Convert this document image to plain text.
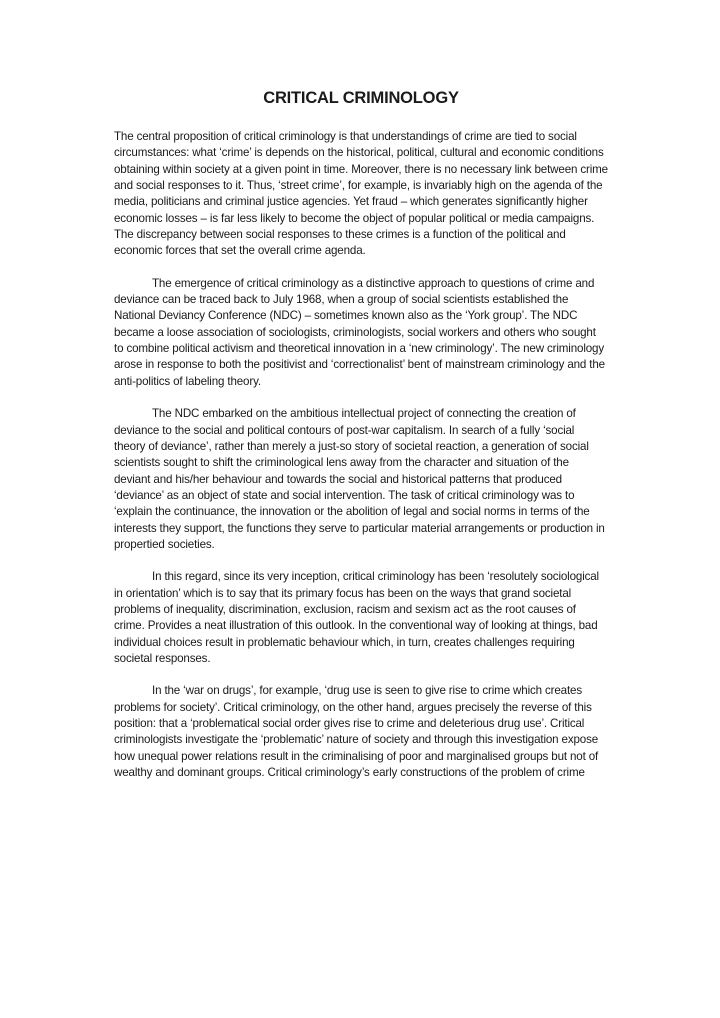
CRITICAL CRIMINOLOGY

The central proposition of critical criminology is that understandings of crime are tied to social circumstances: what ‘crime’ is depends on the historical, political, cultural and economic conditions obtaining within society at a given point in time. Moreover, there is no necessary link between crime and social responses to it. Thus, ‘street crime’, for example, is invariably high on the agenda of the media, politicians and criminal justice agencies. Yet fraud – which generates significantly higher economic losses – is far less likely to become the object of popular political or media campaigns. The discrepancy between social responses to these crimes is a function of the political and economic forces that set the overall crime agenda.

The emergence of critical criminology as a distinctive approach to questions of crime and deviance can be traced back to July 1968, when a group of social scientists established the National Deviancy Conference (NDC) – sometimes known also as the ‘York group’. The NDC became a loose association of sociologists, criminologists, social workers and others who sought to combine political activism and theoretical innovation in a ‘new criminology’. The new criminology arose in response to both the positivist and ‘correctionalist’ bent of mainstream criminology and the anti-politics of labeling theory.

The NDC embarked on the ambitious intellectual project of connecting the creation of deviance to the social and political contours of post-war capitalism. In search of a fully ‘social theory of deviance’, rather than merely a just-so story of societal reaction, a generation of social scientists sought to shift the criminological lens away from the character and situation of the deviant and his/her behaviour and towards the social and historical patterns that produced ‘deviance’ as an object of state and social intervention. The task of critical criminology was to ‘explain the continuance, the innovation or the abolition of legal and social norms in terms of the interests they support, the functions they serve to particular material arrangements or production in propertied societies.

In this regard, since its very inception, critical criminology has been ‘resolutely sociological in orientation’ which is to say that its primary focus has been on the ways that grand societal problems of inequality, discrimination, exclusion, racism and sexism act as the root causes of crime. Provides a neat illustration of this outlook. In the conventional way of looking at things, bad individual choices result in problematic behaviour which, in turn, creates challenges requiring societal responses.

In the ‘war on drugs’, for example, ‘drug use is seen to give rise to crime which creates problems for society’. Critical criminology, on the other hand, argues precisely the reverse of this position: that a ‘problematical social order gives rise to crime and deleterious drug use’. Critical criminologists investigate the ‘problematic’ nature of society and through this investigation expose how unequal power relations result in the criminalising of poor and marginalised groups but not of wealthy and dominant groups. Critical criminology’s early constructions of the problem of crime
